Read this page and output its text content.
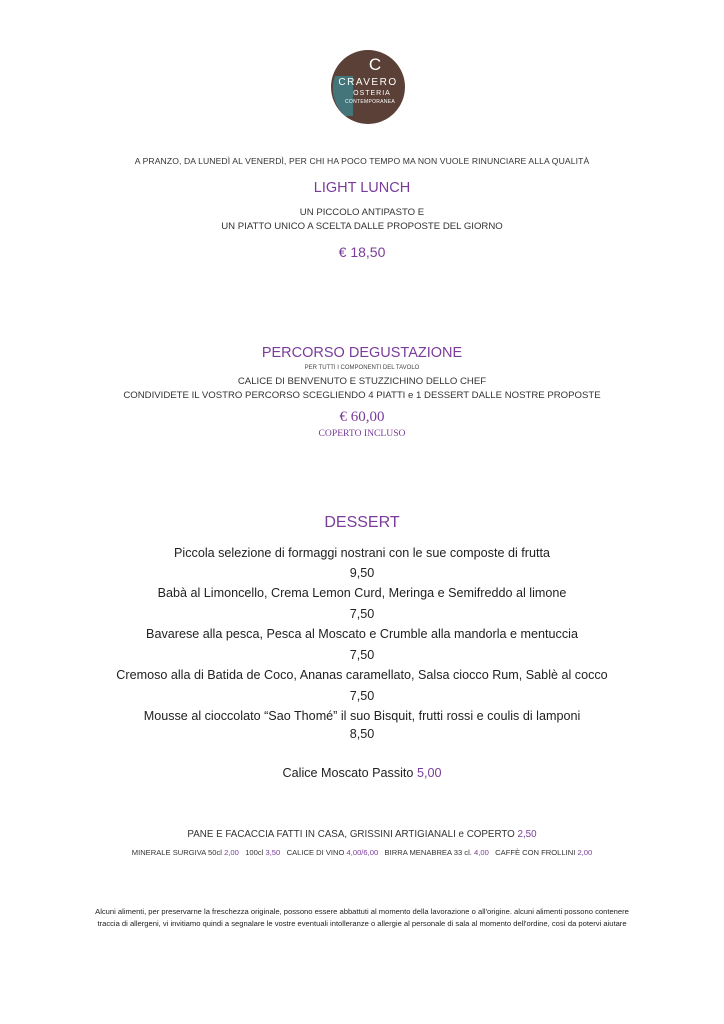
C
CRAVERO
OSTERIA
CONTEMPORANEA
A PRANZO, DA LUNEDÌ AL VENERDÌ, PER CHI HA POCO TEMPO MA NON VUOLE RINUNCIARE ALLA QUALITÀ
LIGHT LUNCH
UN PICCOLO ANTIPASTO E
UN PIATTO UNICO A SCELTA DALLE PROPOSTE DEL GIORNO
€ 18,50
PERCORSO DEGUSTAZIONE
PER TUTTI I COMPONENTI DEL TAVOLO
CALICE DI BENVENUTO E STUZZICHINO DELLO CHEF
CONDIVIDETE IL VOSTRO PERCORSO SCEGLIENDO 4 PIATTI e 1 DESSERT DALLE NOSTRE PROPOSTE
€ 60,00
COPERTO INCLUSO
DESSERT
Piccola selezione di formaggi nostrani con le sue composte di frutta
9,50
Babà al Limoncello, Crema Lemon Curd, Meringa e Semifreddo al limone
7,50
Bavarese alla pesca, Pesca al Moscato e Crumble alla mandorla e mentuccia
7,50
Cremoso alla di Batida de Coco, Ananas caramellato, Salsa ciocco Rum, Sablè al cocco
7,50
Mousse al cioccolato “Sao Thomé” il suo Bisquit, frutti rossi e coulis di lamponi
8,50
Calice Moscato Passito 5,00
PANE E FACACCIA FATTI IN CASA, GRISSINI ARTIGIANALI e COPERTO 2,50
MINERALE SURGIVA 50cl 2,00 100cl 3,50 CALICE DI VINO 4,00/6,00 BIRRA MENABREA 33 cl. 4,00 CAFFÈ CON FROLLINI 2,00
Alcuni alimenti, per preservarne la freschezza originale, possono essere abbattuti al momento della lavorazione o all'origine. alcuni alimenti possono contenere
traccia di allergeni, vi invitiamo quindi a segnalare le vostre eventuali intolleranze o allergie al personale di sala al momento dell'ordine, così da potervi aiutare
